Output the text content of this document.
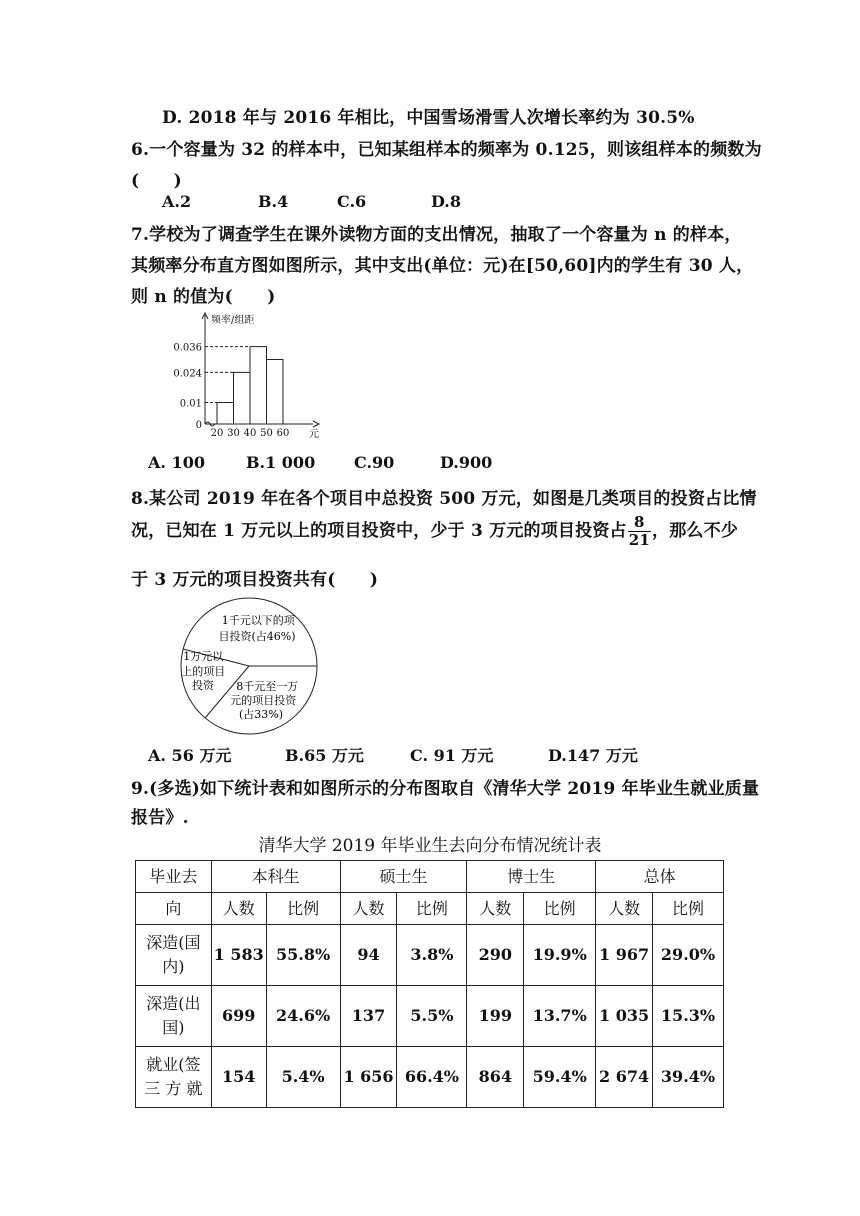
D. 2018 年与 2016 年相比，中国雪场滑雪人次增长率约为 30.5%
6.一个容量为 32 的样本中，已知某组样本的频率为 0.125，则该组样本的频数为
(　　)
A.2	B.4	C.6	D.8
7.学校为了调查学生在课外读物方面的支出情况，抽取了一个容量为 n 的样本，
其频率分布直方图如图所示，其中支出(单位：元)在[50,60]内的学生有 30 人，
则 n 的值为(　　)
0
0.01
0.024
0.036
20 30 40 50 60
频率/组距
元
A. 100	B.1 000 C.90	D.900
8.某公司 2019 年在各个项目中总投资 500 万元，如图是几类项目的投资占比情
况，已知在 1 万元以上的项目投资中，少于 3 万元的项目投资占 $\frac{8}{21}$ ，那么不少
于 3 万元的项目投资共有(　　)
1千元以下的项 目投资(占46%)
1万元以 上的项目 投资	8千元至一万 元的项目投资 (占33%)
A. 56 万元	B.65 万元	C. 91 万元	D.147 万元
9.(多选)如下统计表和如图所示的分布图取自《清华大学 2019 年毕业生就业质量
报告》.
清华大学 2019 年毕业生去向分布情况统计表
毕业去	本科生		硕士生		博士生		总体	
向	人数	比例	人数	比例	人数	比例	人数	比例

深造(国
内)	1 583	55.8%	94	3.8%	290	19.9%	1 967	29.0%

深造(出
国)	699	24.6%	137	5.5%	199	13.7%	1 035	15.3%

就业(签
三 方 就	154	5.4%	1 656	66.4%	864	59.4%	2 674	39.4%
